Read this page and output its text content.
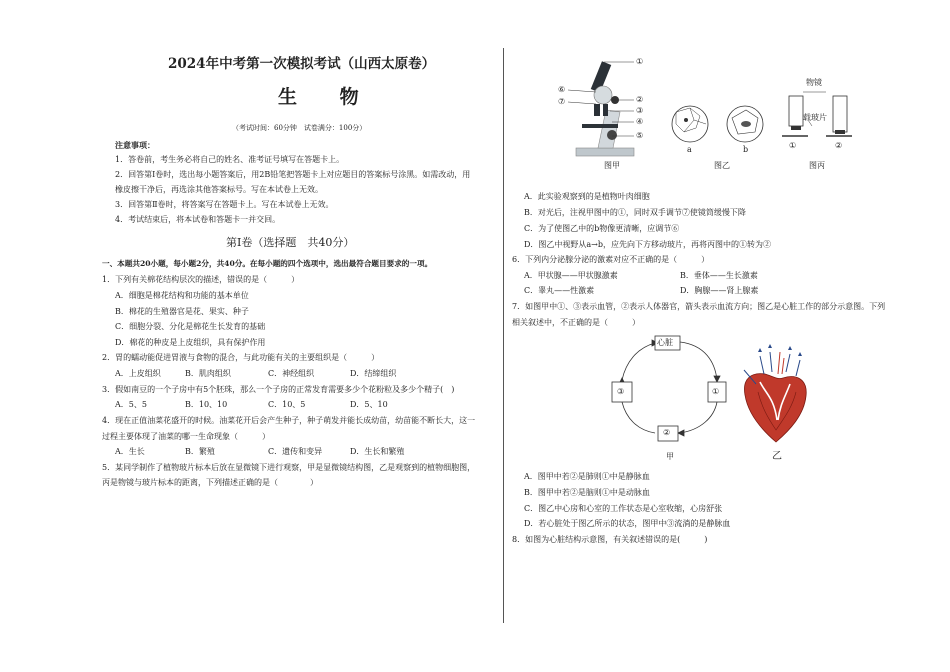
2024年中考第一次模拟考试（山西太原卷）
生 物
（考试时间：60分钟　试卷满分：100分）
注意事项：
1．答卷前，考生务必将自己的姓名、准考证号填写在答题卡上。
2．回答第Ⅰ卷时，选出每小题答案后，用2B铅笔把答题卡上对应题目的答案标号涂黑。如需改动，用
橡皮擦干净后，再选涂其他答案标号。写在本试卷上无效。
3．回答第Ⅱ卷时，将答案写在答题卡上。写在本试卷上无效。
4．考试结束后，将本试卷和答题卡一并交回。
第Ⅰ卷（选择题　共40分）
一、本题共20小题，每小题2分，共40分。在每小题的四个选项中，选出最符合题目要求的一项。
1．下列有关棉花结构层次的描述，错误的是（　　　）
A．细胞是棉花结构和功能的基本单位
B．棉花的生殖器官是花、果实、种子
C．细胞分裂、分化是棉花生长发育的基础
D．棉花的种皮是上皮组织，具有保护作用
2．胃的蠕动能促进胃液与食物的混合，与此功能有关的主要组织是（　　　）
A．上皮组织	B．肌肉组织	C．神经组织	D．结缔组织
3．假如南豆的一个子房中有5个胚珠，那么一个子房的正常发育需要多少个花粉粒及多少个精子(　)
A．5、5	B．10、10	C．10、5	D．5、10
4．现在正值油菜花盛开的时候。油菜花开后会产生种子，种子萌发并能长成幼苗，幼苗能不断长大，这一
过程主要体现了油菜的哪一生命现象（　　　）
A．生长	B．繁殖	C．遗传和变异	D．生长和繁殖
5．某同学制作了植物玻片标本后放在显微镜下进行观察，甲是显微镜结构图，乙是观察到的植物细胞图，
丙是物镜与玻片标本的距离，下列描述正确的是（　　　　）
①
②
③
④
⑤
⑥
⑦
图甲	图乙	图丙
a	b
物镜
载玻片
①	②
A．此实验观察到的是植物叶肉细胞
B．对光后，注视甲图中的①，同时双手调节⑦使镜筒缓慢下降
C．为了使图乙中的b物像更清晰，应调节⑥
D．图乙中视野从a→b，应先向下方移动玻片，再将丙图中的①转为②
6．下列内分泌腺分泌的激素对应不正确的是（　　　）
A．甲状腺——甲状腺激素	B．垂体——生长激素
C．睾丸——性激素	D．胸腺——肾上腺素
7．如图甲中①、③表示血管，②表示人体器官，箭头表示血流方向；图乙是心脏工作的部分示意图。下列
相关叙述中，不正确的是（　　　）
心脏
①
②
③
甲	乙
A．图甲中若②是肺则①中是静脉血
B．图甲中若②是脑则①中是动脉血
C．图乙中心房和心室的工作状态是心室收缩，心房舒张
D．若心脏处于图乙所示的状态，图甲中③流淌的是静脉血
8．如图为心脏结构示意图，有关叙述错误的是(　　　)
